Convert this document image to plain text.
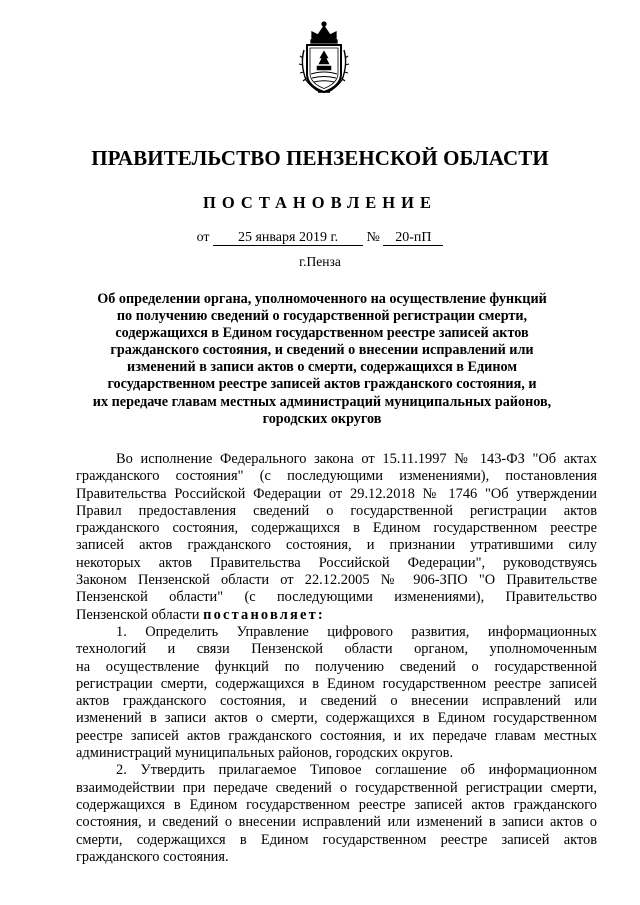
ПРАВИТЕЛЬСТВО ПЕНЗЕНСКОЙ ОБЛАСТИ
ПОСТАНОВЛЕНИЕ
от 25 января 2019 г. № 20-пП
г.Пенза
Об определении органа, уполномоченного на осуществление функций
по получению сведений о государственной регистрации смерти,
содержащихся в Едином государственном реестре записей актов
гражданского состояния, и сведений о внесении исправлений или
изменений в записи актов о смерти, содержащихся в Едином
государственном реестре записей актов гражданского состояния, и
их передаче главам местных администраций муниципальных районов,
городских округов
Во исполнение Федерального закона от 15.11.1997 № 143-ФЗ "Об актах
гражданского состояния" (с последующими изменениями), постановления
Правительства Российской Федерации от 29.12.2018 № 1746 "Об утверждении
Правил предоставления сведений о государственной регистрации актов
гражданского состояния, содержащихся в Едином государственном реестре
записей актов гражданского состояния, и признании утратившими силу
некоторых актов Правительства Российской Федерации", руководствуясь
Законом Пензенской области от 22.12.2005 № 906-ЗПО "О Правительстве
Пензенской области" (с последующими изменениями), Правительство
Пензенской области постановляет:
1. Определить Управление цифрового развития, информационных
технологий и связи Пензенской области органом, уполномоченным
на осуществление функций по получению сведений о государственной
регистрации смерти, содержащихся в Едином государственном реестре записей
актов гражданского состояния, и сведений о внесении исправлений или
изменений в записи актов о смерти, содержащихся в Едином государственном
реестре записей актов гражданского состояния, и их передаче главам местных
администраций муниципальных районов, городских округов.
2. Утвердить прилагаемое Типовое соглашение об информационном
взаимодействии при передаче сведений о государственной регистрации смерти,
содержащихся в Едином государственном реестре записей актов гражданского
состояния, и сведений о внесении исправлений или изменений в записи актов о
смерти, содержащихся в Едином государственном реестре записей актов
гражданского состояния.
